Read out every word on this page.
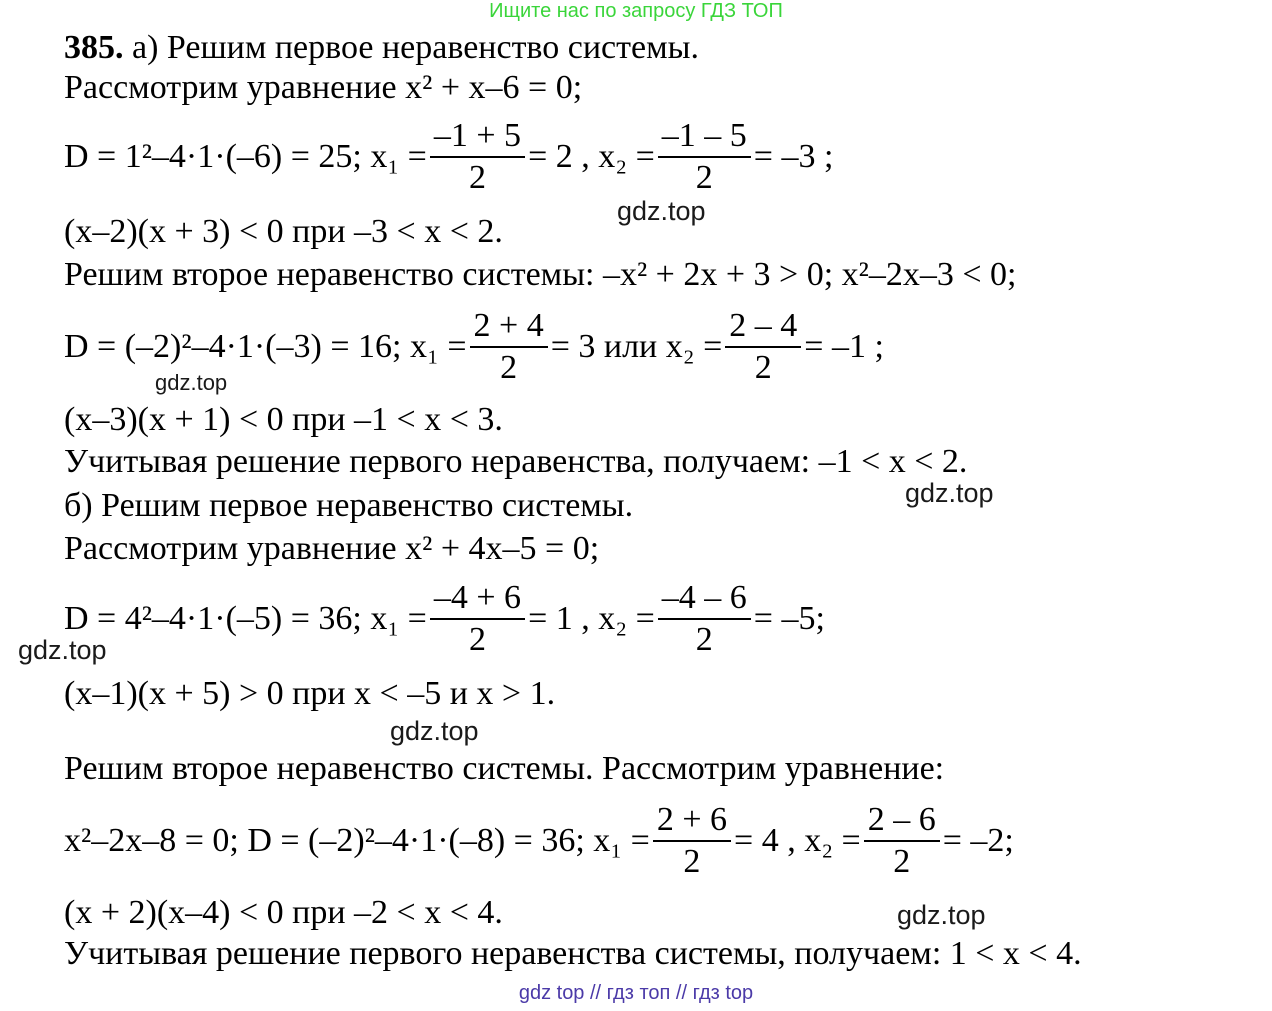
Ищите нас по запросу ГДЗ ТОП
385. а) Решим первое неравенство системы.
Рассмотрим уравнение x² + x–6 = 0;
D = 1²–4·1·(–6) = 25; $x_1 = \frac{-1 + 5}{2} = 2$ , $x_2 = \frac{-1 - 5}{2} = -3$ ;
gdz.top
(x–2)(x + 3) < 0 при –3 < x < 2.
Решим второе неравенство системы: –x² + 2x + 3 > 0; x²–2x–3 < 0;
D = (–2)²–4·1·(–3) = 16; $x_1 = \frac{2 + 4}{2} = 3$ или $x_2 = \frac{2 - 4}{2} = -1$ ;
gdz.top
(x–3)(x + 1) < 0 при –1 < x < 3.
Учитывая решение первого неравенства, получаем: –1 < x < 2.
gdz.top
б) Решим первое неравенство системы.
Рассмотрим уравнение x² + 4x–5 = 0;
D = 4²–4·1·(–5) = 36; $x_1 = \frac{-4 + 6}{2} = 1$ , $x_2 = \frac{-4 - 6}{2} = -5$;
gdz.top
(x–1)(x + 5) > 0 при x < –5 и x > 1.
gdz.top
Решим второе неравенство системы. Рассмотрим уравнение:
x²–2x–8 = 0; D = (–2)²–4·1·(–8) = 36; $x_1 = \frac{2 + 6}{2} = 4$ , $x_2 = \frac{2 - 6}{2} = -2$;
(x + 2)(x–4) < 0 при –2 < x < 4.	gdz.top
Учитывая решение первого неравенства системы, получаем: 1 < x < 4.
gdz top // гдз топ // гдз top
